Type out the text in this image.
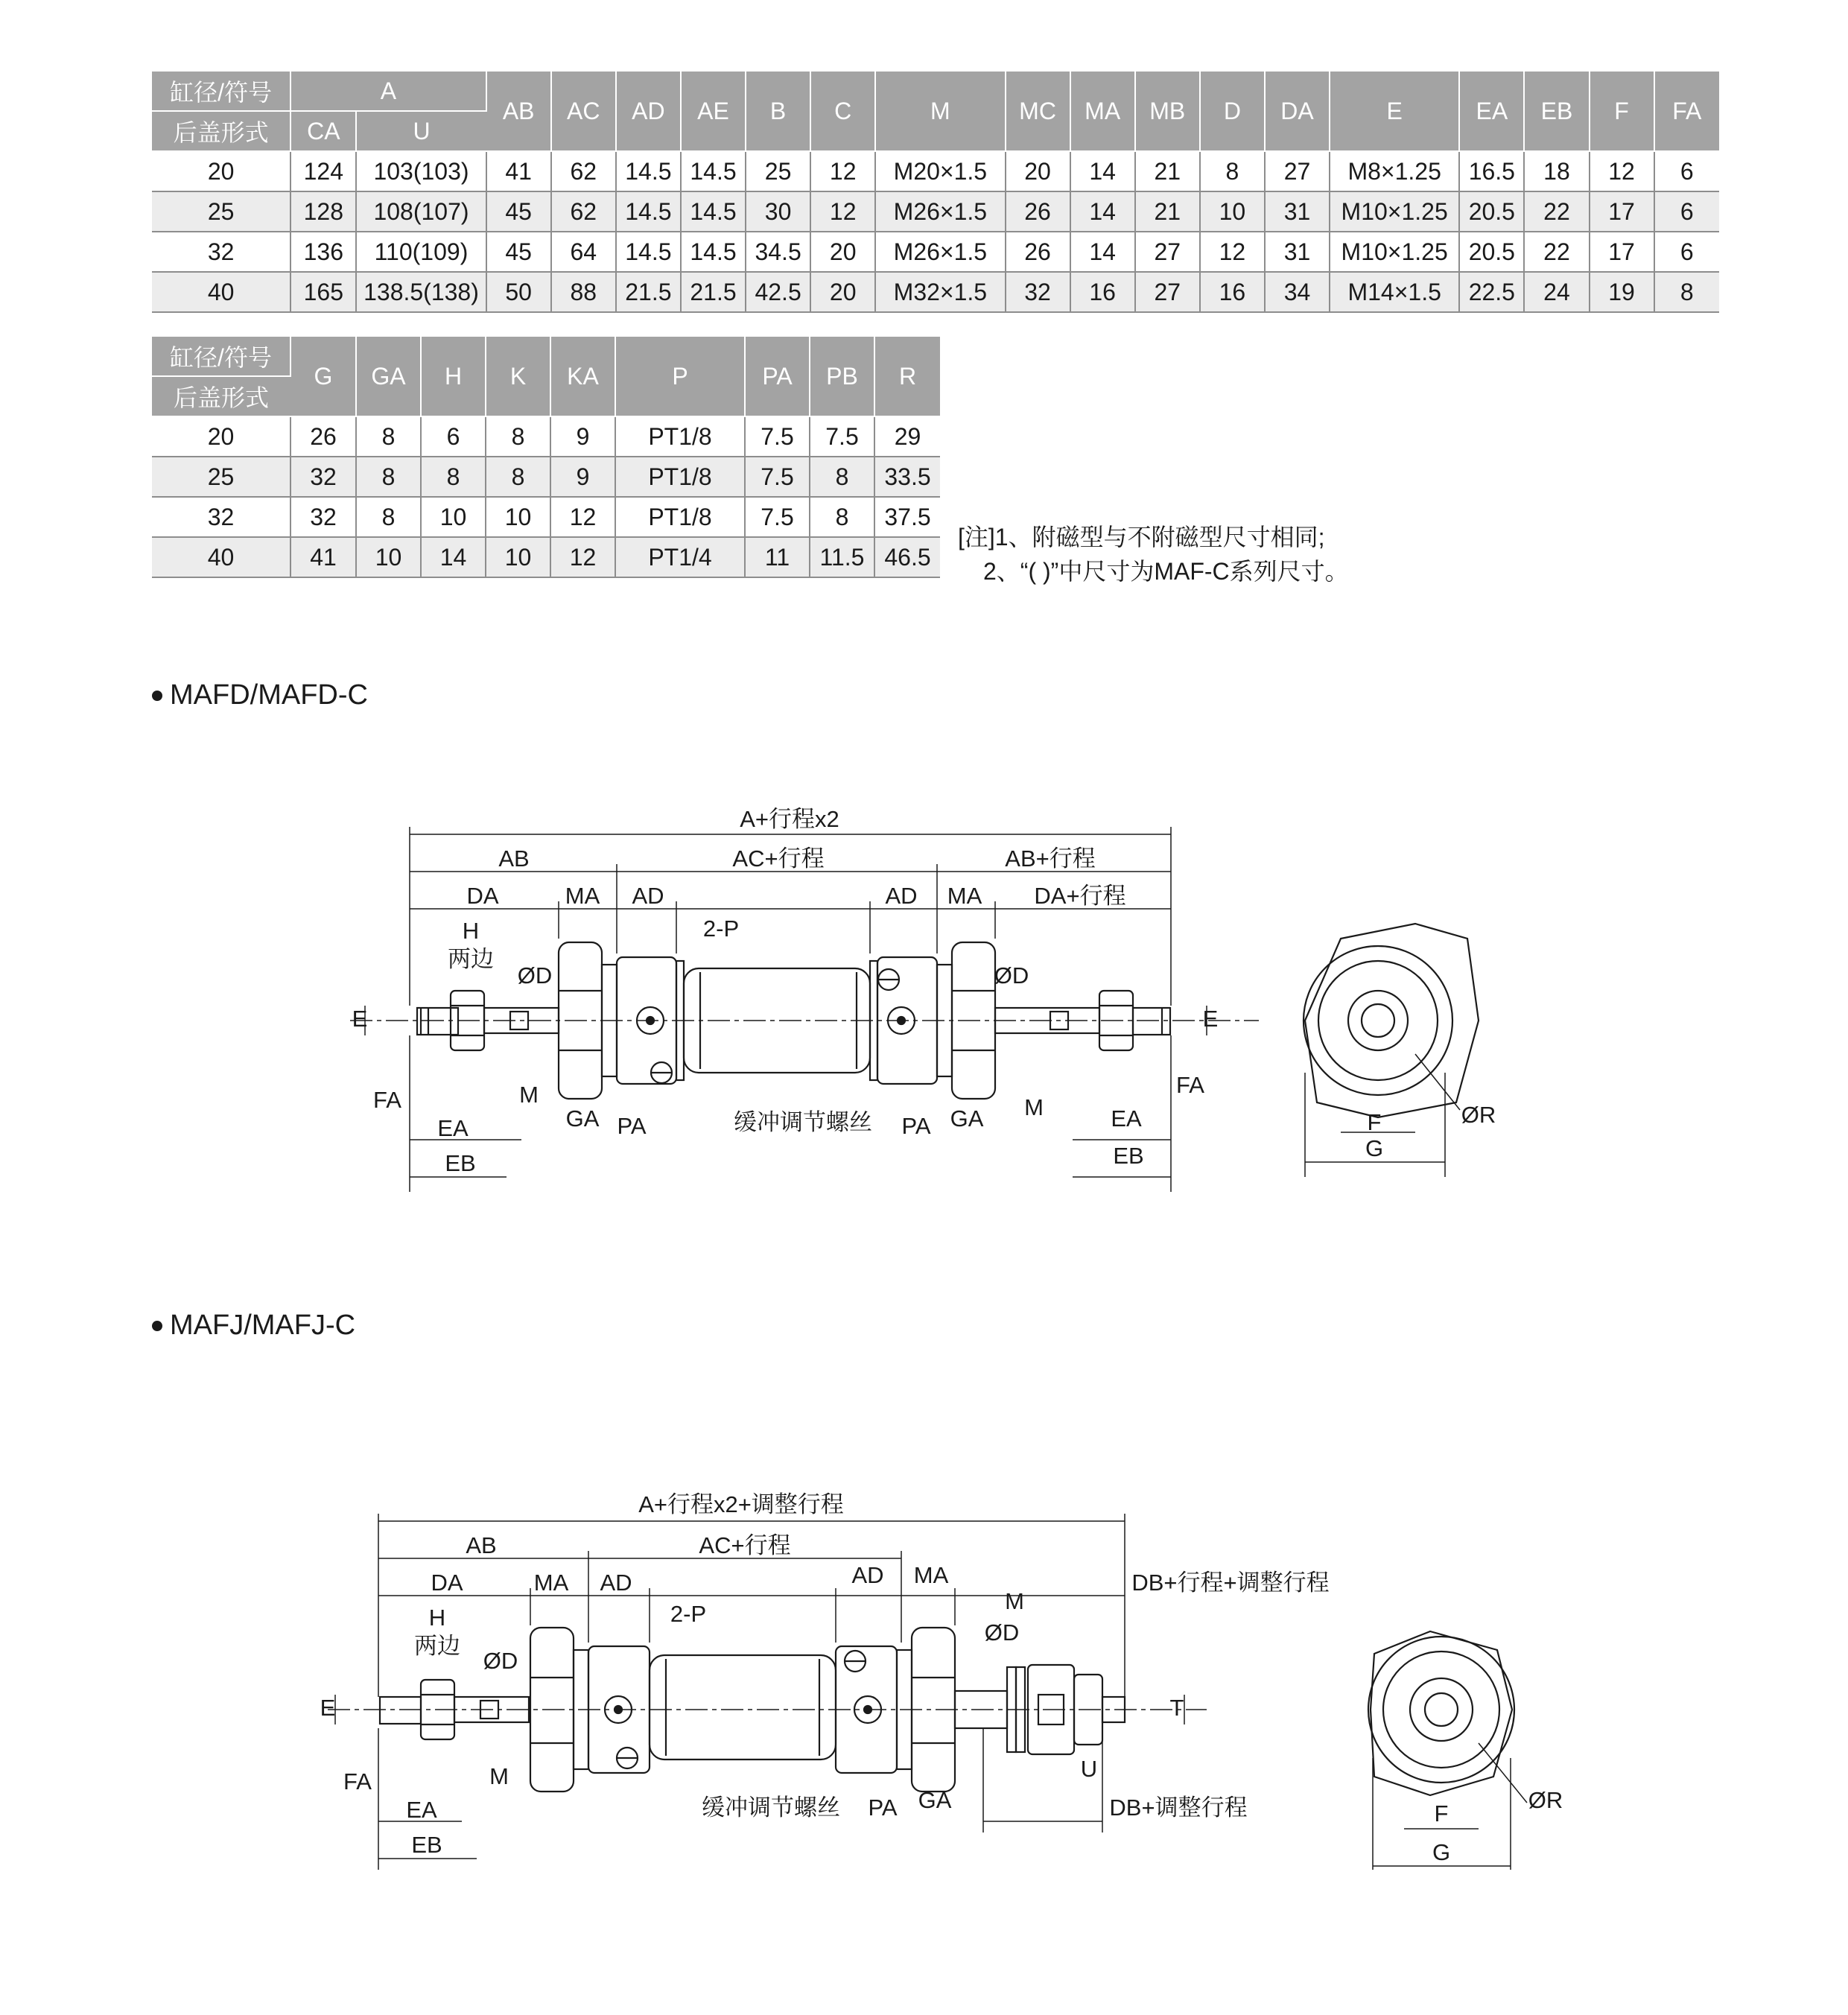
缸径/符号	A		AB	AC	AD	AE	B	C	M	MC	MA	MB	D	DA	E	EA	EB	F	FA
后盖形式	CA	U																	
20	124	103(103)	41	62	14.5	14.5	25	12	M20×1.5	20	14	21	8	27	M8×1.25	16.5	18	12	6
25	128	108(107)	45	62	14.5	14.5	30	12	M26×1.5	26	14	21	10	31	M10×1.25	20.5	22	17	6
32	136	110(109)	45	64	14.5	14.5	34.5	20	M26×1.5	26	14	27	12	31	M10×1.25	20.5	22	17	6
40	165	138.5(138)	50	88	21.5	21.5	42.5	20	M32×1.5	32	16	27	16	34	M14×1.5	22.5	24	19	8
缸径/符号	G	GA	H	K	KA	P	PA	PB	R
后盖形式									
20	26	8	6	8	9	PT1/8	7.5	7.5	29
25	32	8	8	8	9	PT1/8	7.5	8	33.5
32	32	8	10	10	12	PT1/8	7.5	8	37.5
40	41	10	14	10	12	PT1/4	11	11.5	46.5
[注]1、附磁型与不附磁型尺寸相同;
2、“( )”中尺寸为MAF-C系列尺寸。
MAFD/MAFD-C
A+行程x2
AB	AC+行程	AB+行程
DA	MA AD	AD MA DA+行程
H
两边
2-P
ØD	ØD
E	E
M	M
FA
FA
EA	EA
EB	EB
GA	GA
PA	PA
缓冲调节螺丝	F
G
ØR
MAFJ/MAFJ-C
A+行程x2+调整行程
AB	AC+行程
DB+行程+调整行程
DA	MA AD	AD MA
H
两边
2-P
ØD
ØD
M
E	T
U
M
FA
EA
EB
GA
PA
缓冲调节螺丝	DB+调整行程	F
G
ØR
